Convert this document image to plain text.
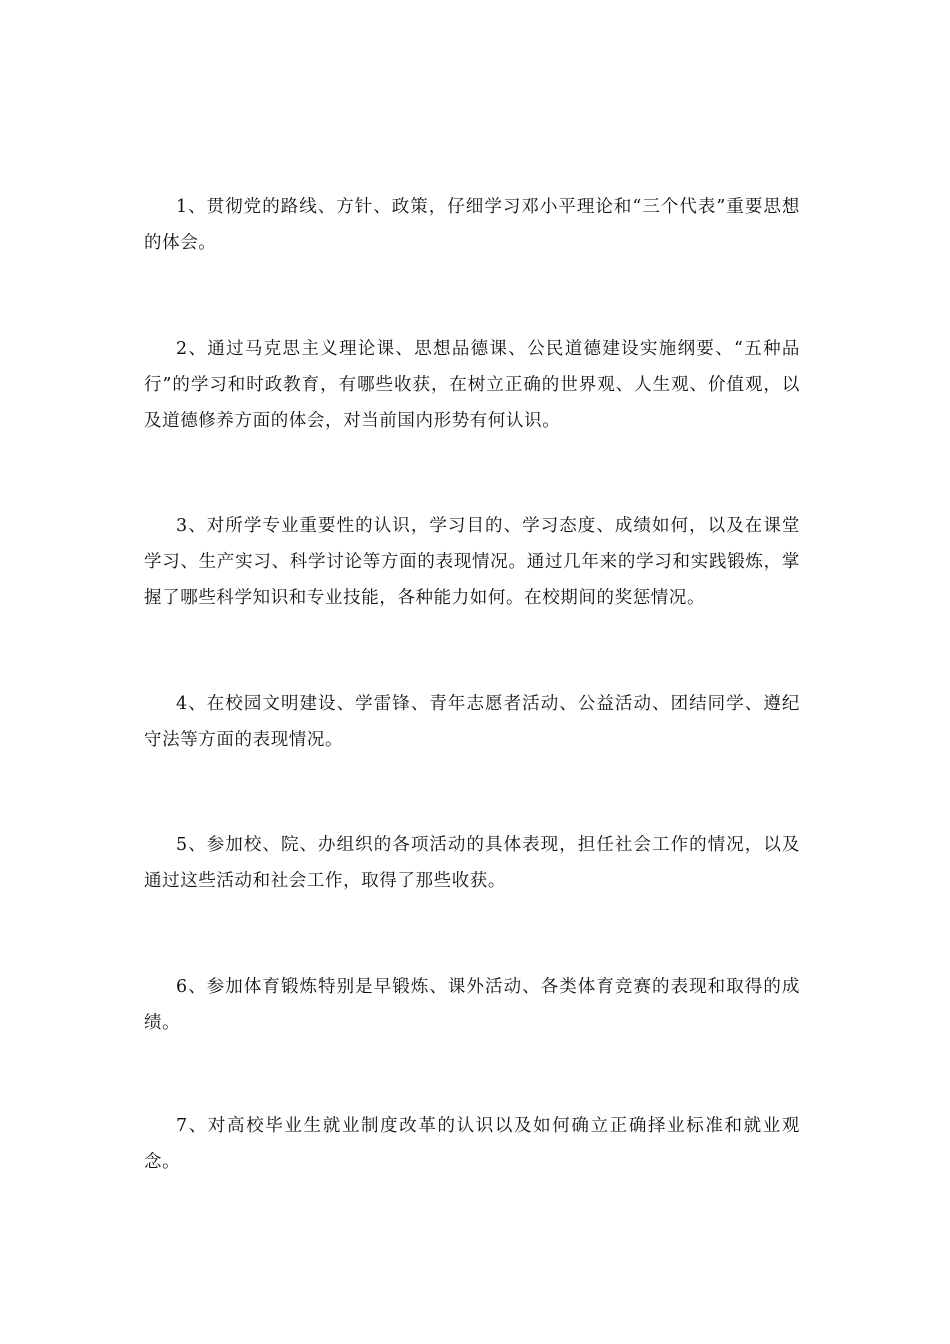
1、贯彻党的路线、方针、政策，仔细学习邓小平理论和“三个代表”重要思想的体会。

2、通过马克思主义理论课、思想品德课、公民道德建设实施纲要、“五种品行”的学习和时政教育，有哪些收获，在树立正确的世界观、人生观、价值观，以及道德修养方面的体会，对当前国内形势有何认识。

3、对所学专业重要性的认识，学习目的、学习态度、成绩如何，以及在课堂学习、生产实习、科学讨论等方面的表现情况。通过几年来的学习和实践锻炼，掌握了哪些科学知识和专业技能，各种能力如何。在校期间的奖惩情况。

4、在校园文明建设、学雷锋、青年志愿者活动、公益活动、团结同学、遵纪守法等方面的表现情况。

5、参加校、院、办组织的各项活动的具体表现，担任社会工作的情况，以及通过这些活动和社会工作，取得了那些收获。

6、参加体育锻炼特别是早锻炼、课外活动、各类体育竞赛的表现和取得的成绩。

7、对高校毕业生就业制度改革的认识以及如何确立正确择业标准和就业观念。
